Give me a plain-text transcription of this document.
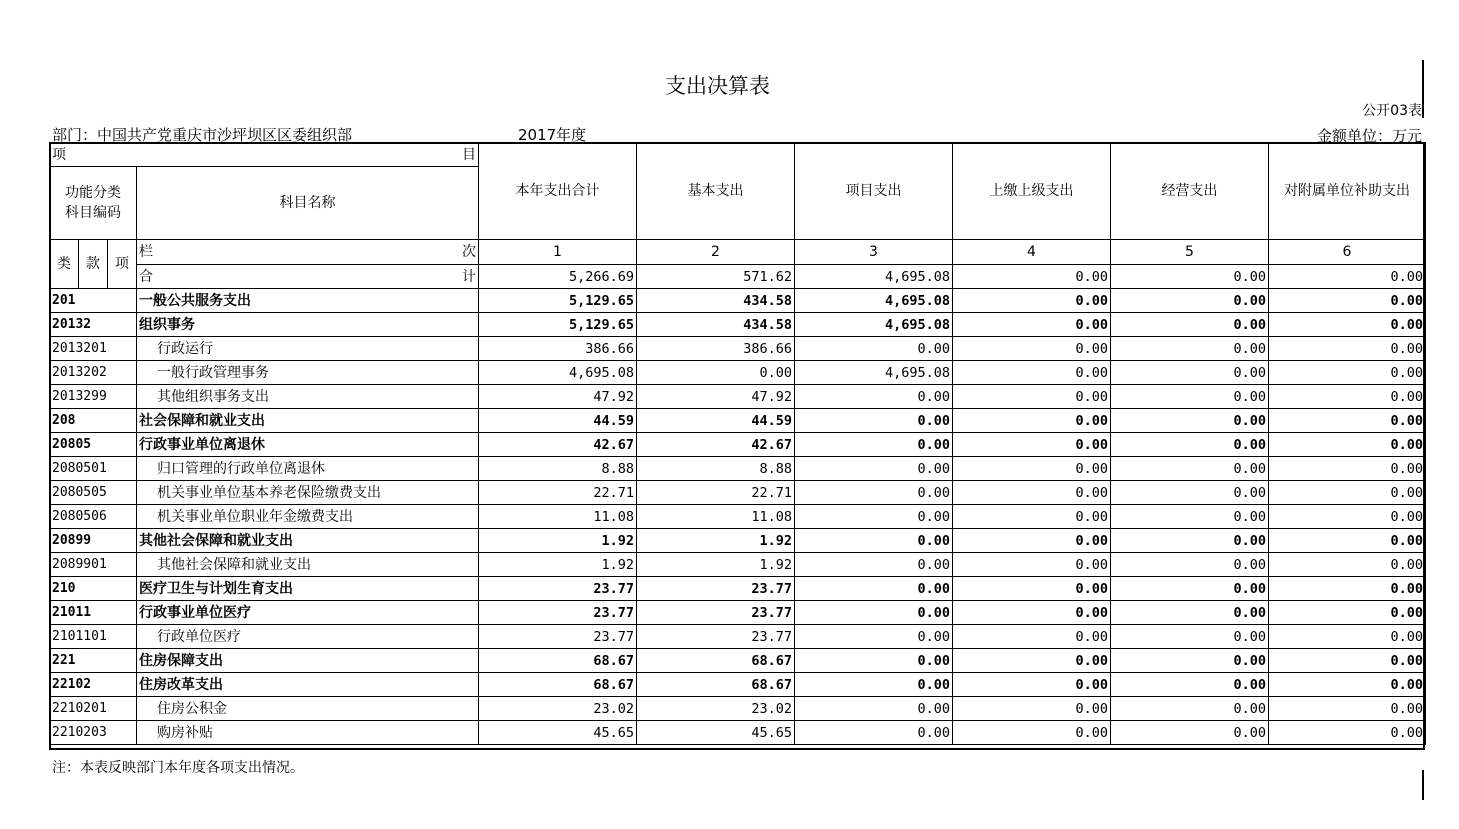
支出决算表
公开03表
部门：中国共产党重庆市沙坪坝区区委组织部	2017年度	金额单位：万元
项 目				本年支出合计	基本支出	项目支出	上缴上级支出	经营支出	对附属单位补助支出
功能分类
科目编码			科目名称						
类	款	项	栏 次	1	2	3	4	5	6

			合 计	5,266.69	571.62	4,695.08	0.00	0.00	0.00
201			一般公共服务支出	5,129.65	434.58	4,695.08	0.00	0.00	0.00
20132			组织事务	5,129.65	434.58	4,695.08	0.00	0.00	0.00
2013201			行政运行	386.66	386.66	0.00	0.00	0.00	0.00
2013202			一般行政管理事务	4,695.08	0.00	4,695.08	0.00	0.00	0.00
2013299			其他组织事务支出	47.92	47.92	0.00	0.00	0.00	0.00
208			社会保障和就业支出	44.59	44.59	0.00	0.00	0.00	0.00
20805			行政事业单位离退休	42.67	42.67	0.00	0.00	0.00	0.00
2080501			归口管理的行政单位离退休	8.88	8.88	0.00	0.00	0.00	0.00
2080505			机关事业单位基本养老保险缴费支出	22.71	22.71	0.00	0.00	0.00	0.00
2080506			机关事业单位职业年金缴费支出	11.08	11.08	0.00	0.00	0.00	0.00
20899			其他社会保障和就业支出	1.92	1.92	0.00	0.00	0.00	0.00
2089901			其他社会保障和就业支出	1.92	1.92	0.00	0.00	0.00	0.00
210			医疗卫生与计划生育支出	23.77	23.77	0.00	0.00	0.00	0.00
21011			行政事业单位医疗	23.77	23.77	0.00	0.00	0.00	0.00
2101101			行政单位医疗	23.77	23.77	0.00	0.00	0.00	0.00
221			住房保障支出	68.67	68.67	0.00	0.00	0.00	0.00
22102			住房改革支出	68.67	68.67	0.00	0.00	0.00	0.00
2210201			住房公积金	23.02	23.02	0.00	0.00	0.00	0.00
2210203			购房补贴	45.65	45.65	0.00	0.00	0.00	0.00
注：本表反映部门本年度各项支出情况。
